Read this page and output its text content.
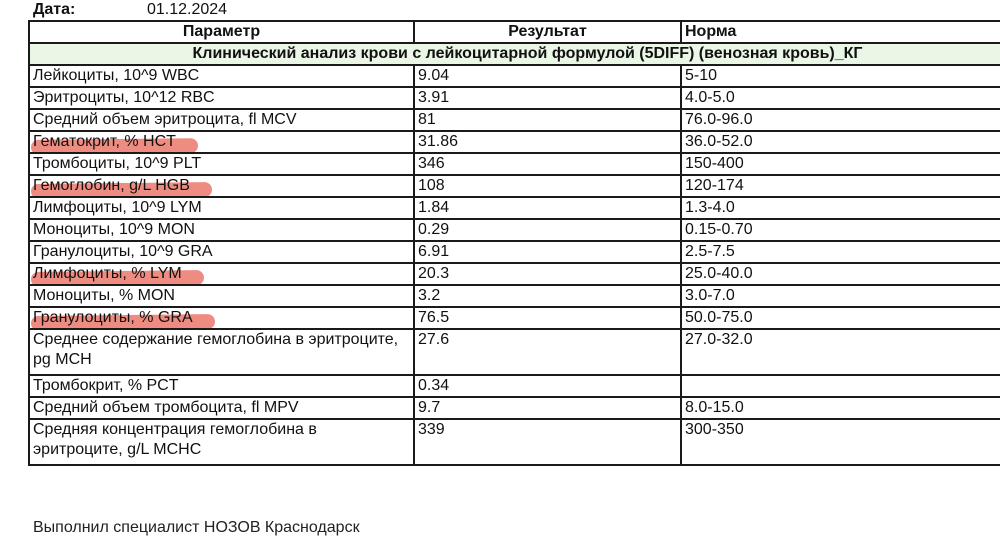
Дата:	01.12.2024
Параметр	Результат	Норма
Клинический анализ крови с лейкоцитарной формулой (5DIFF) (венозная кровь)_КГ		
Лейкоциты, 10^9 WBC	9.04	5-10
Эритроциты, 10^12 RBC	3.91	4.0-5.0
Средний объем эритроцита, fl MCV	81	76.0-96.0
Гематокрит, % HCT	31.86	36.0-52.0
Тромбоциты, 10^9 PLT	346	150-400
Гемоглобин, g/L HGB	108	120-174
Лимфоциты, 10^9 LYM	1.84	1.3-4.0
Моноциты, 10^9 MON	0.29	0.15-0.70
Гранулоциты, 10^9 GRA	6.91	2.5-7.5
Лимфоциты, % LYM	20.3	25.0-40.0
Моноциты, % MON	3.2	3.0-7.0
Гранулоциты, % GRA	76.5	50.0-75.0
Среднее содержание гемоглобина в эритроците, pg MCH	27.6	27.0-32.0
Тромбокрит, % PCT	0.34	
Средний объем тромбоцита, fl MPV	9.7	8.0-15.0
Средняя концентрация гемоглобина в эритроците, g/L MCHC	339	300-350
Выполнил специалист НОЗОВ Краснодарск
